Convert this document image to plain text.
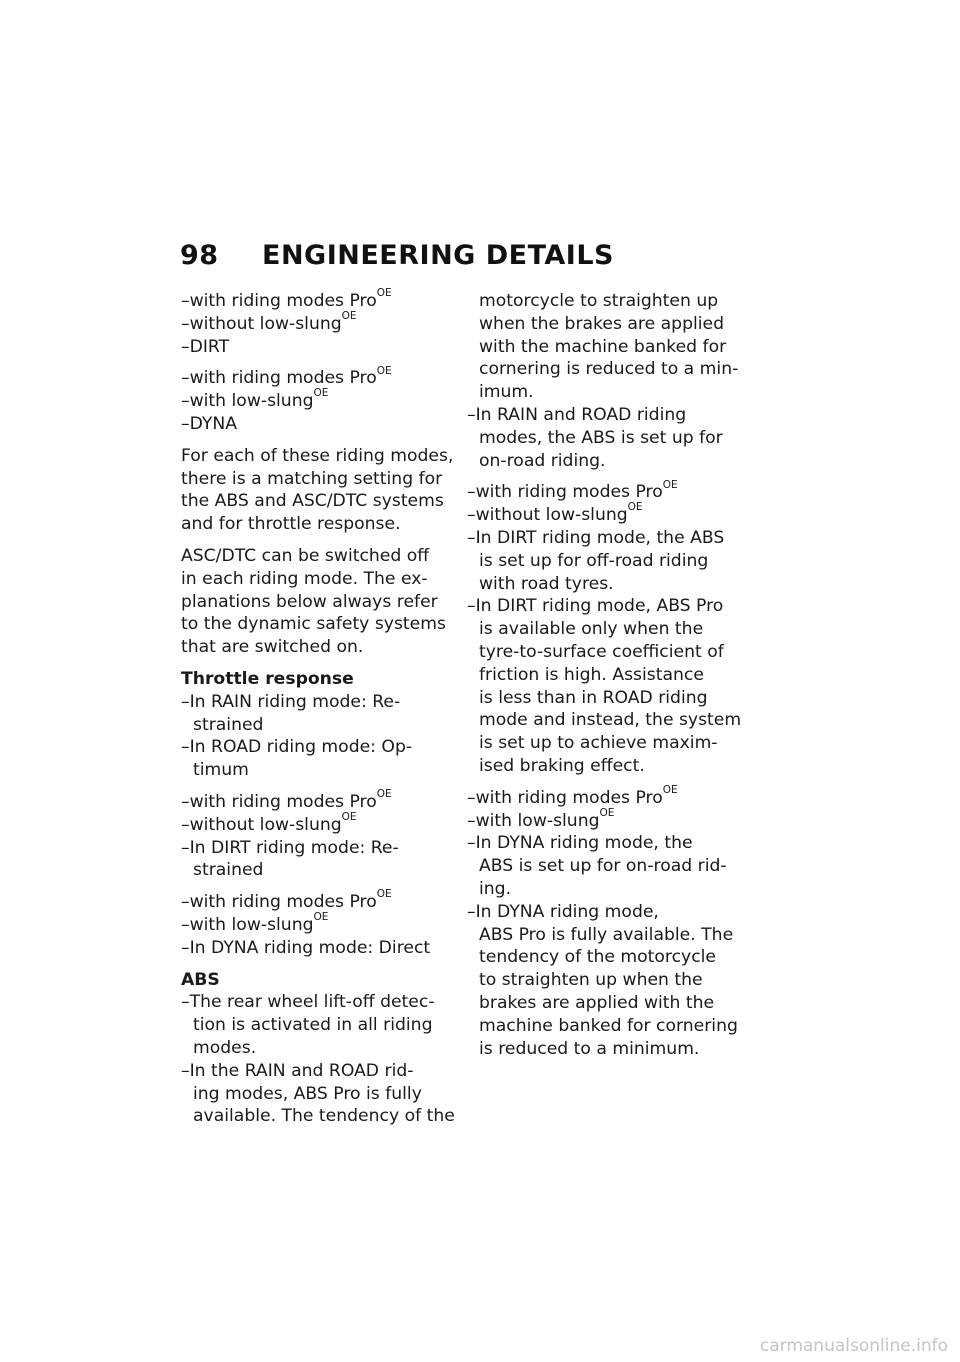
98 ENGINEERING DETAILS
–with riding modes Pro$^{OE}$
–without low-slung$^{OE}$
–DIRT
–with riding modes Pro$^{OE}$
–with low-slung$^{OE}$
–DYNA
For each of these riding modes,
there is a matching setting for
the ABS and ASC/DTC systems
and for throttle response.
ASC/DTC can be switched off
in each riding mode. The ex-
planations below always refer
to the dynamic safety systems
that are switched on.
Throttle response
–In RAIN riding mode: Re-
strained
–In ROAD riding mode: Op-
timum
–with riding modes Pro$^{OE}$
–without low-slung$^{OE}$
–In DIRT riding mode: Re-
strained
–with riding modes Pro$^{OE}$
–with low-slung$^{OE}$
–In DYNA riding mode: Direct
ABS
–The rear wheel lift-off detec-
tion is activated in all riding
modes.
–In the RAIN and ROAD rid-
ing modes, ABS Pro is fully
available. The tendency of the
motorcycle to straighten up
when the brakes are applied
with the machine banked for
cornering is reduced to a min-
imum.
–In RAIN and ROAD riding
modes, the ABS is set up for
on-road riding.
–with riding modes Pro$^{OE}$
–without low-slung$^{OE}$
–In DIRT riding mode, the ABS
is set up for off-road riding
with road tyres.
–In DIRT riding mode, ABS Pro
is available only when the
tyre-to-surface coefficient of
friction is high. Assistance
is less than in ROAD riding
mode and instead, the system
is set up to achieve maxim-
ised braking effect.
–with riding modes Pro$^{OE}$
–with low-slung$^{OE}$
–In DYNA riding mode, the
ABS is set up for on-road rid-
ing.
–In DYNA riding mode,
ABS Pro is fully available. The
tendency of the motorcycle
to straighten up when the
brakes are applied with the
machine banked for cornering
is reduced to a minimum.
carmanualsonline.info
